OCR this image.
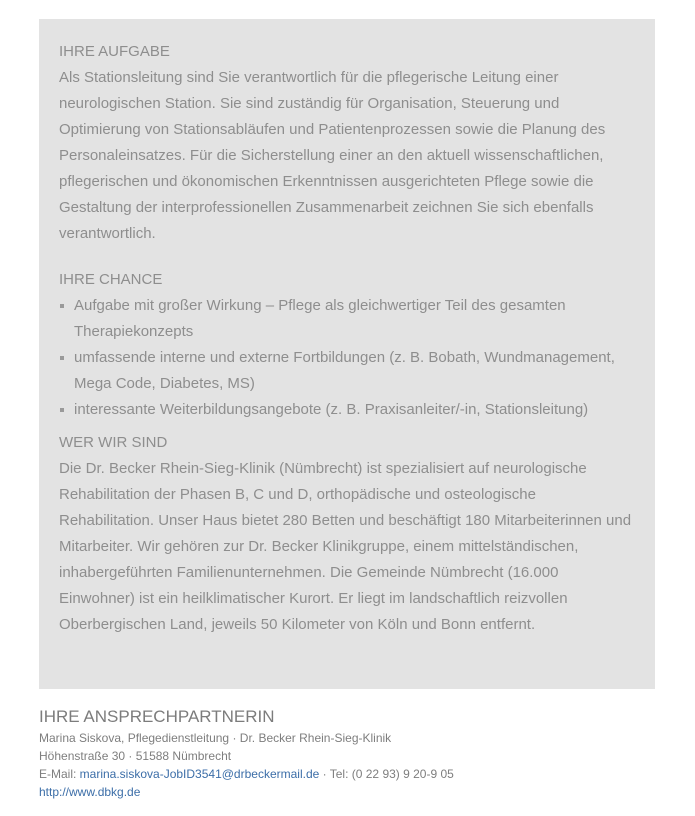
IHRE AUFGABE

Als Stationsleitung sind Sie verantwortlich für die pflegerische Leitung einer neurologischen Station. Sie sind zuständig für Organisation, Steuerung und Optimierung von Stationsabläufen und Patientenprozessen sowie die Planung des Personaleinsatzes. Für die Sicherstellung einer an den aktuell wissenschaftlichen, pflegerischen und ökonomischen Erkenntnissen ausgerichteten Pflege sowie die Gestaltung der interprofessionellen Zusammenarbeit zeichnen Sie sich ebenfalls verantwortlich.

IHRE CHANCE
Aufgabe mit großer Wirkung – Pflege als gleichwertiger Teil des gesamten Therapiekonzepts
umfassende interne und externe Fortbildungen (z. B. Bobath, Wundmanagement, Mega Code, Diabetes, MS)
interessante Weiterbildungsangebote (z. B. Praxisanleiter/-in, Stationsleitung)
WER WIR SIND

Die Dr. Becker Rhein-Sieg-Klinik (Nümbrecht) ist spezialisiert auf neurologische Rehabilitation der Phasen B, C und D, orthopädische und osteologische Rehabilitation. Unser Haus bietet 280 Betten und beschäftigt 180 Mitarbeiterinnen und Mitarbeiter. Wir gehören zur Dr. Becker Klinikgruppe, einem mittelständischen, inhabergeführten Familienunternehmen. Die Gemeinde Nümbrecht (16.000 Einwohner) ist ein heilklimatischer Kurort. Er liegt im landschaftlich reizvollen Oberbergischen Land, jeweils 50 Kilometer von Köln und Bonn entfernt.

IHRE ANSPRECHPARTNERIN

Marina Siskova, Pflegedienstleitung · Dr. Becker Rhein-Sieg-Klinik

Höhenstraße 30 · 51588 Nümbrecht

E-Mail: marina.siskova-JobID3541@drbeckermail.de · Tel: (0 22 93) 9 20-9 05

http://www.dbkg.de
